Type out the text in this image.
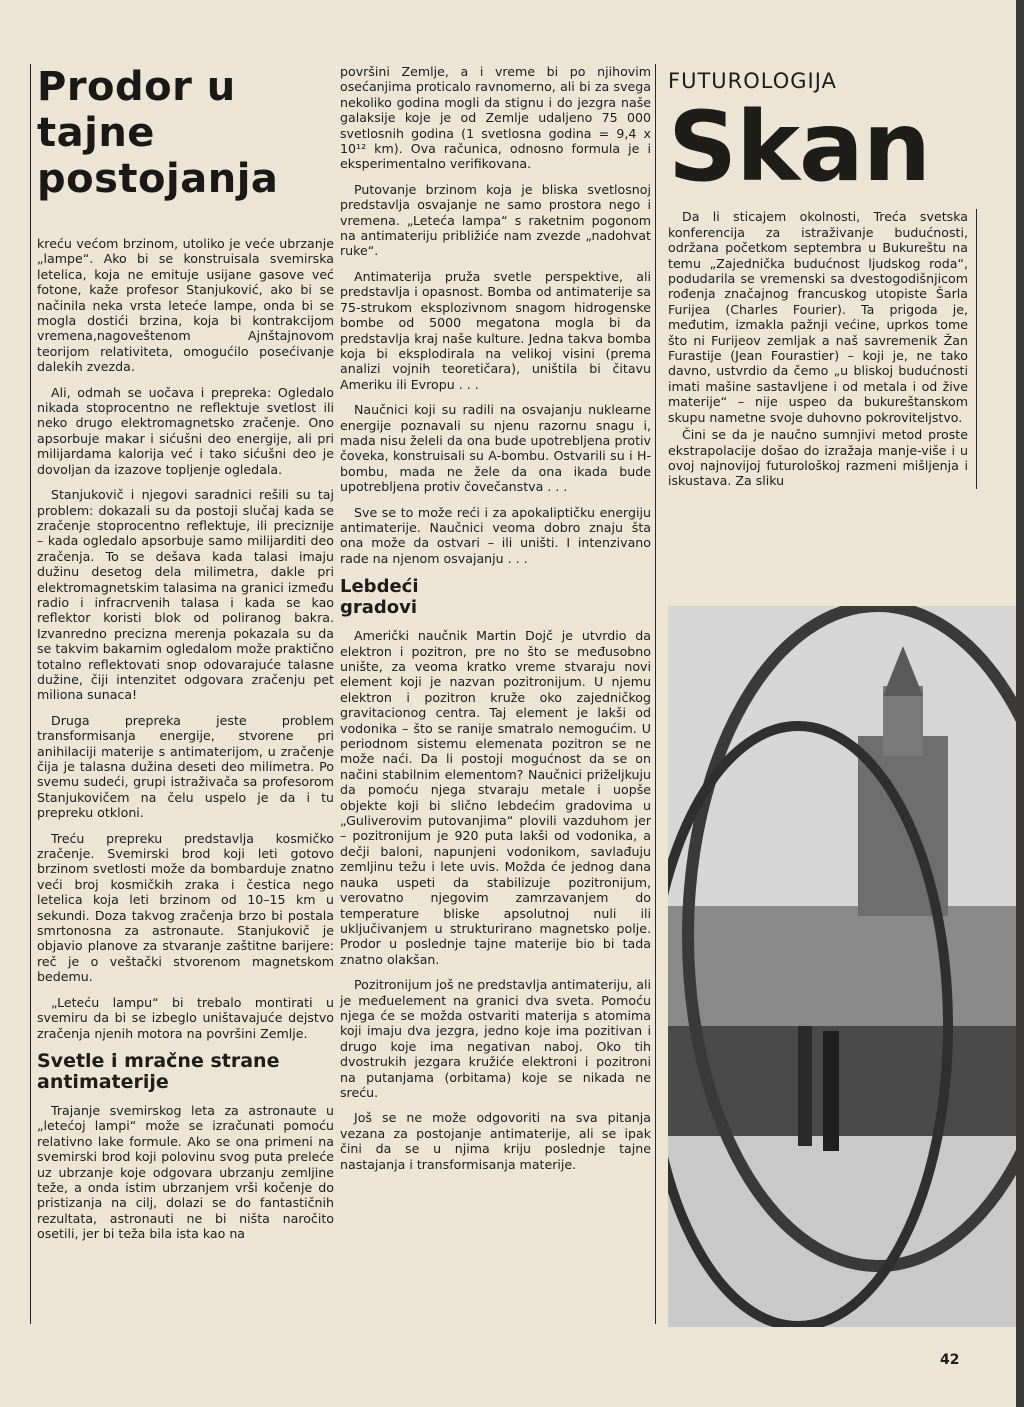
Prodor u tajne postojanja

kreću većom brzinom, utoliko je veće ubrzanje „lampe“. Ako bi se konstruisala svemirska letelica, koja ne emituje usijane gasove već fotone, kaže profesor Stanjuković, ako bi se načinila neka vrsta leteće lampe, onda bi se mogla dostići brzina, koja bi kontrakcijom vremena,nagoveštenom Ajnštajnovom teorijom relativiteta, omogućilo posećivanje dalekih zvezda.

Ali, odmah se uočava i prepreka: Ogledalo nikada stoprocentno ne reflektuje svetlost ili neko drugo elektromagnetsko zračenje. Ono apsorbuje makar i sićušni deo energije, ali pri milijardama kalorija već i tako sićušni deo je dovoljan da izazove topljenje ogledala.

Stanjukovič i njegovi saradnici rešili su taj problem: dokazali su da postoji slučaj kada se zračenje stoprocentno reflektuje, ili preciznije – kada ogledalo apsorbuje samo milijarditi deo zračenja. To se dešava kada talasi imaju dužinu desetog dela milimetra, dakle pri elektromagnetskim talasima na granici između radio i infracrvenih talasa i kada se kao reflektor koristi blok od poliranog bakra. Izvanredno precizna merenja pokazala su da se takvim bakarnim ogledalom može praktično totalno reflektovati snop odovarajuće talasne dužine, čiji intenzitet odgovara zračenju pet miliona sunaca!

Druga prepreka jeste problem transformisanja energije, stvorene pri anihilaciji materije s antimaterijom, u zračenje čija je talasna dužina deseti deo milimetra. Po svemu sudeći, grupi istraživača sa profesorom Stanjukovičem na čelu uspelo je da i tu prepreku otkloni.

Treću prepreku predstavlja kosmičko zračenje. Svemirski brod koji leti gotovo brzinom svetlosti može da bombarduje znatno veći broj kosmičkih zraka i čestica nego letelica koja leti brzinom od 10–15 km u sekundi. Doza takvog zračenja brzo bi postala smrtonosna za astronaute. Stanjukovič je objavio planove za stvaranje zaštitne barijere: reč je o veštački stvorenom magnetskom bedemu.

„Leteću lampu“ bi trebalo montirati u svemiru da bi se izbeglo uništavajuće dejstvo zračenja njenih motora na površini Zemlje.

Svetle i mračne strane antimaterije

Trajanje svemirskog leta za astronaute u „letećoj lampi“ može se izračunati pomoću relativno lake formule. Ako se ona primeni na svemirski brod koji polovinu svog puta preleće uz ubrzanje koje odgovara ubrzanju zemljine teže, a onda istim ubrzanjem vrši kočenje do pristizanja na cilj, dolazi se do fantastičnih rezultata, astronauti ne bi ništa naročito osetili, jer bi teža bila ista kao na

površini Zemlje, a i vreme bi po njihovim osećanjima proticalo ravnomerno, ali bi za svega nekoliko godina mogli da stignu i do jezgra naše galaksije koje je od Zemlje udaljeno 75 000 svetlosnih godina (1 svetlosna godina = 9,4 x 10¹² km). Ova računica, odnosno formula je i eksperimentalno verifikovana.

Putovanje brzinom koja je bliska svetlosnoj predstavlja osvajanje ne samo prostora nego i vremena. „Leteća lampa“ s raketnim pogonom na antimateriju približiće nam zvezde „nadohvat ruke“.

Antimaterija pruža svetle perspektive, ali predstavlja i opasnost. Bomba od antimaterije sa 75-strukom eksplozivnom snagom hidrogenske bombe od 5000 megatona mogla bi da predstavlja kraj naše kulture. Jedna takva bomba koja bi eksplodirala na velikoj visini (prema analizi vojnih teoretičara), uništila bi čitavu Ameriku ili Evropu . . .

Naučnici koji su radili na osvajanju nuklearne energije poznavali su njenu razornu snagu i, mada nisu želeli da ona bude upotrebljena protiv čoveka, konstruisali su A-bombu. Ostvarili su i H-bombu, mada ne žele da ona ikada bude upotrebljena protiv čovečanstva . . .

Sve se to može reći i za apokaliptičku energiju antimaterije. Naučnici veoma dobro znaju šta ona može da ostvari – ili uništi. I intenzivano rade na njenom osvajanju . . .

Lebdeći gradovi

Američki naučnik Martin Dojč je utvrdio da elektron i pozitron, pre no što se međusobno unište, za veoma kratko vreme stvaraju novi element koji je nazvan pozitronijum. U njemu elektron i pozitron kruže oko zajedničkog gravitacionog centra. Taj element je lakši od vodonika – što se ranije smatralo nemogućim. U periodnom sistemu elemenata pozitron se ne može naći. Da li postoji mogućnost da se on načini stabilnim elementom? Naučnici priželjkuju da pomoću njega stvaraju metale i uopše objekte koji bi slično lebdećim gradovima u „Guliverovim putovanjima“ plovili vazduhom jer – pozitronijum je 920 puta lakši od vodonika, a dečji baloni, napunjeni vodonikom, savlađuju zemljinu težu i lete uvis. Možda će jednog dana nauka uspeti da stabilizuje pozitronijum, verovatno njegovim zamrzavanjem do temperature bliske apsolutnoj nuli ili uključivanjem u strukturirano magnetsko polje. Prodor u poslednje tajne materije bio bi tada znatno olakšan.

Pozitronijum još ne predstavlja antimateriju, ali je međuelement na granici dva sveta. Pomoću njega će se možda ostvariti materija s atomima koji imaju dva jezgra, jedno koje ima pozitivan i drugo koje ima negativan naboj. Oko tih dvostrukih jezgara kružiće elektroni i pozitroni na putanjama (orbitama) koje se nikada ne sreću.

Još se ne može odgovoriti na sva pitanja vezana za postojanje antimaterije, ali se ipak čini da se u njima kriju poslednje tajne nastajanja i transformisanja materije.

FUTUROLOGIJA
Skan

Da li sticajem okolnosti, Treća svetska konferencija za istraživanje budućnosti, održana početkom septembra u Bukureštu na temu „Zajednička budućnost ljudskog roda“, podudarila se vremenski sa dvestogodišnjicom rođenja značajnog francuskog utopiste Šarla Furijea (Charles Fourier). Ta prigoda je, međutim, izmakla pažnji većine, uprkos tome što ni Furijeov zemljak a naš savremenik Žan Furastije (Jean Fourastier) – koji je, ne tako davno, ustvrdio da čemo „u bliskoj budućnosti imati mašine sastavljene i od metala i od žive materije“ – nije uspeo da bukureštanskom skupu nametne svoje duhovno pokroviteljstvo.

Čini se da je naučno sumnjivi metod proste ekstrapolacije došao do izražaja manje-više i u ovoj najnovijoj futurološkoj razmeni mišljenja i iskustava. Za sliku

42
